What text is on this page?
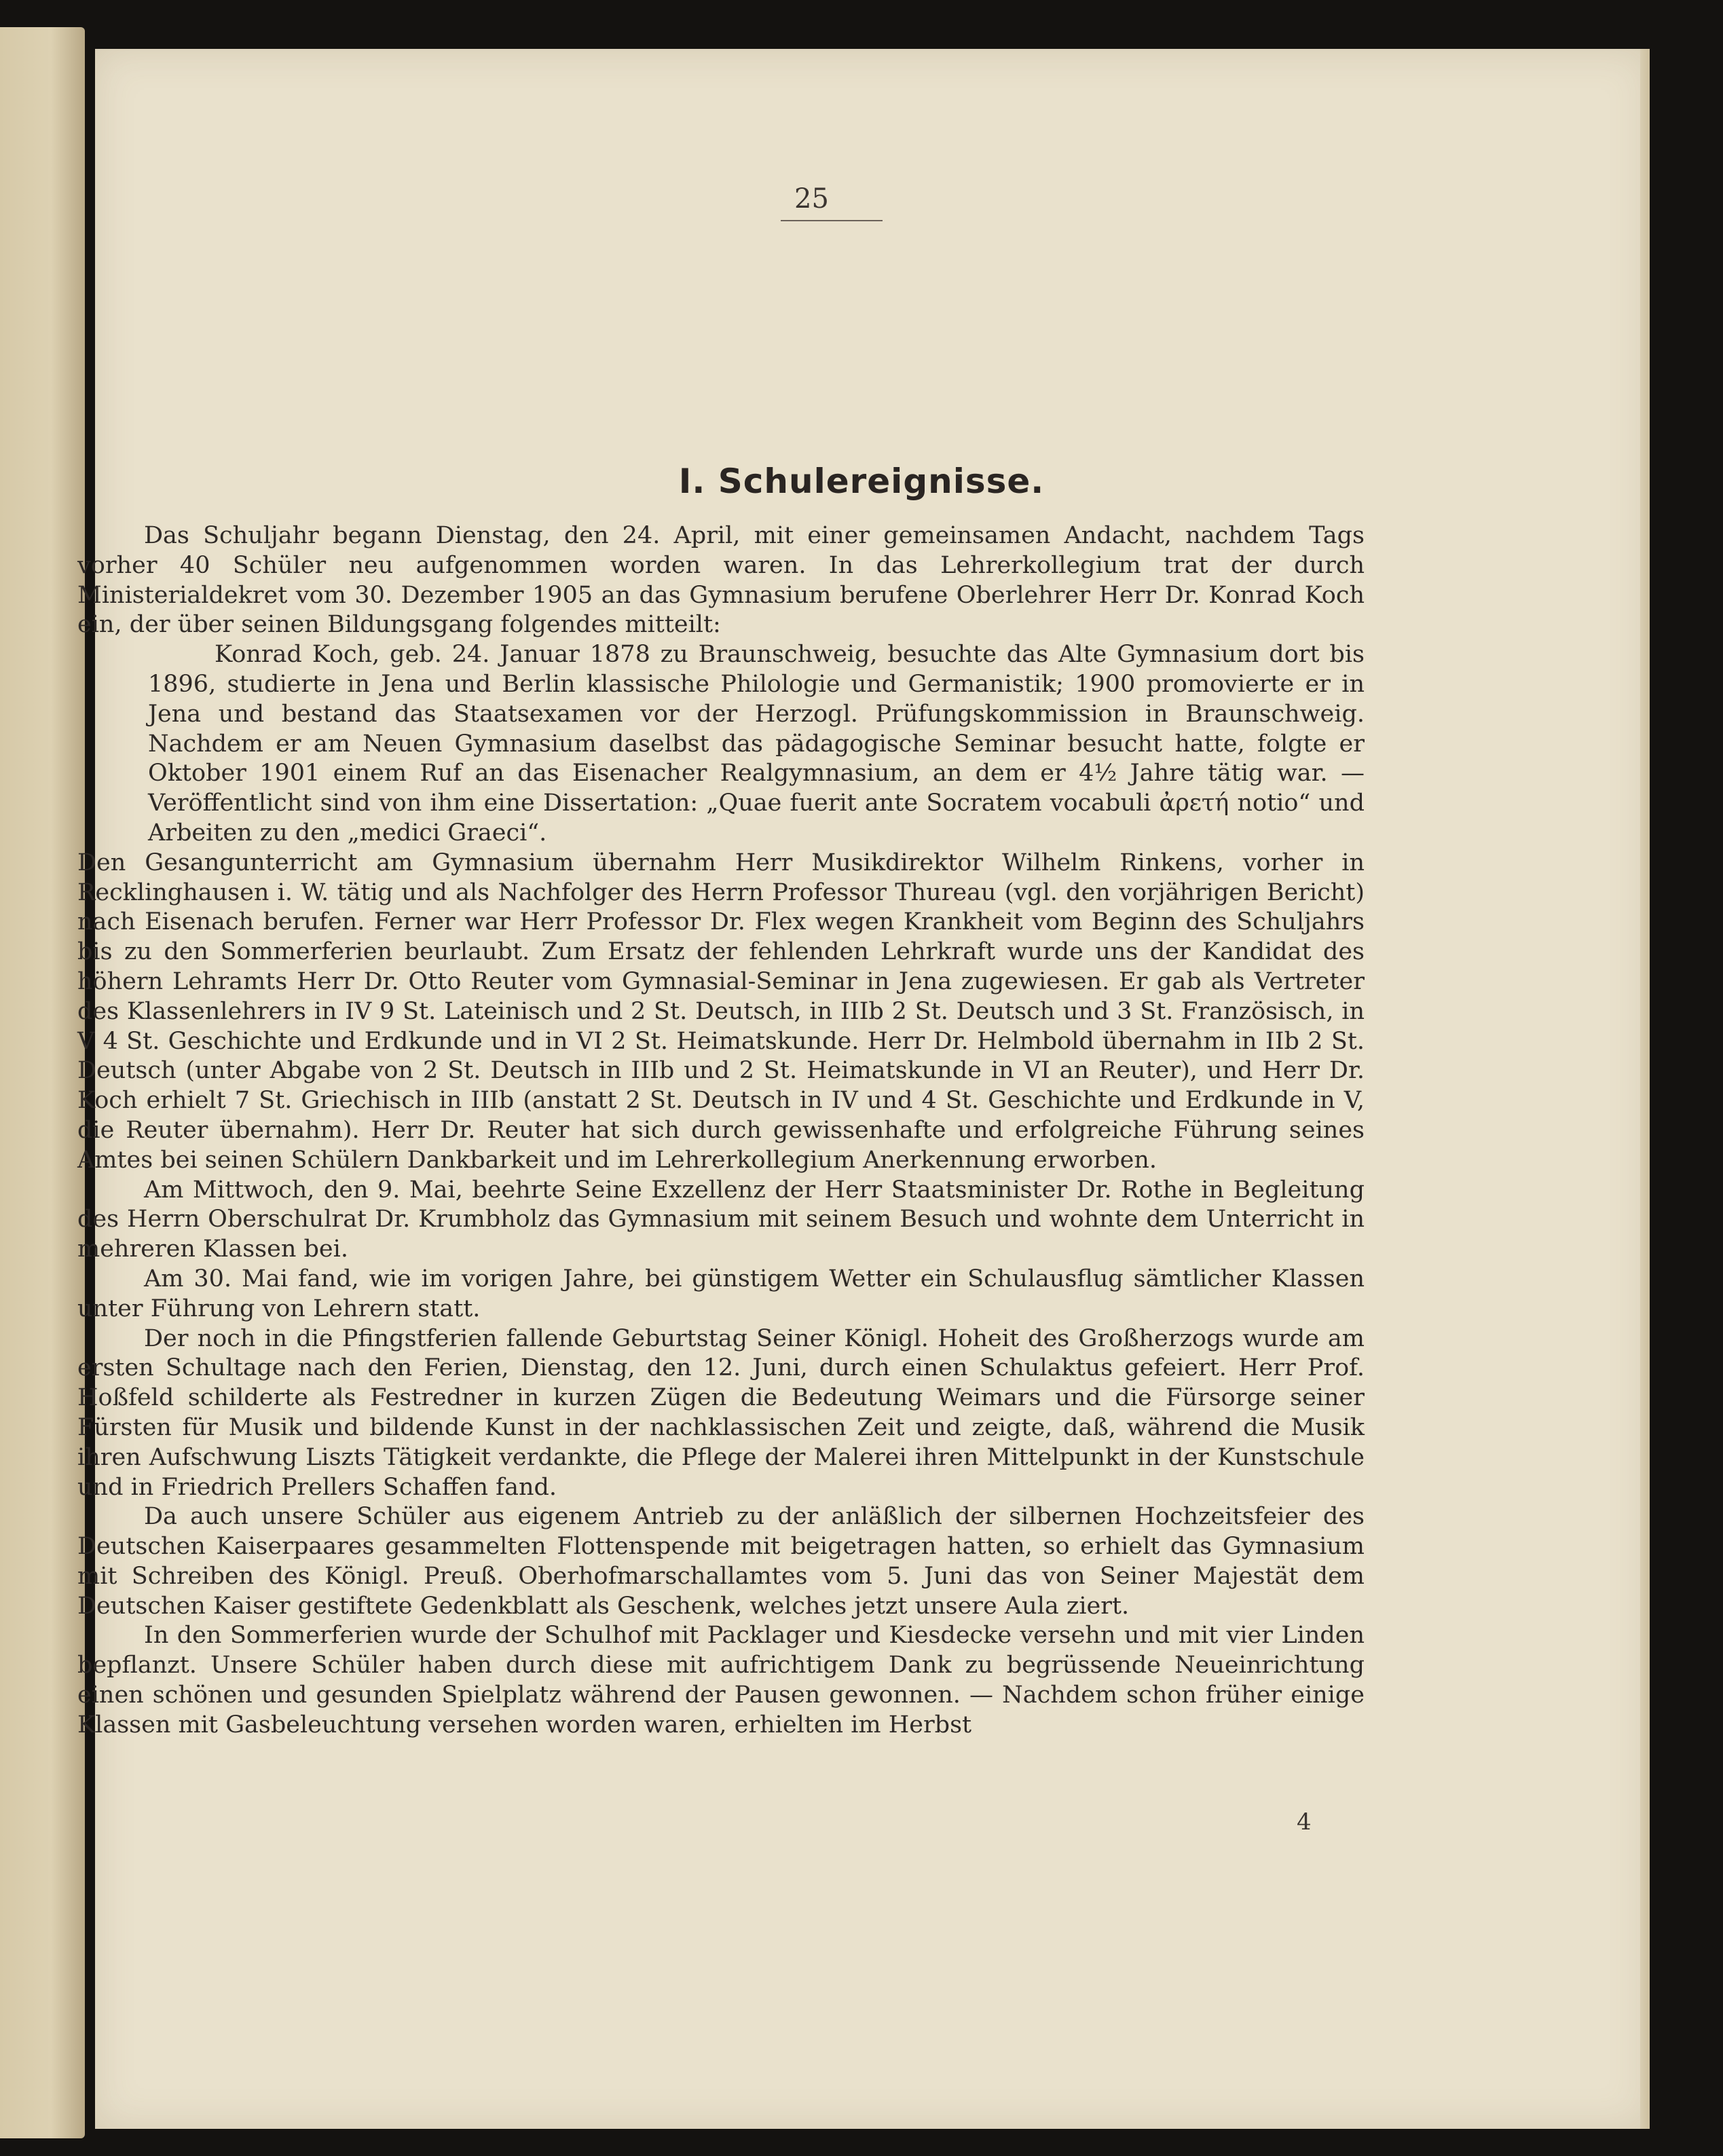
25
I. Schulereignisse.

Das Schuljahr begann Dienstag, den 24. April, mit einer gemeinsamen Andacht, nachdem Tags vorher 40 Schüler neu aufgenommen worden waren. In das Lehrerkollegium trat der durch Ministerialdekret vom 30. Dezember 1905 an das Gymnasium berufene Oberlehrer Herr Dr. Konrad Koch ein, der über seinen Bildungsgang folgendes mitteilt:

Konrad Koch, geb. 24. Januar 1878 zu Braunschweig, besuchte das Alte Gymnasium dort bis 1896, studierte in Jena und Berlin klassische Philologie und Germanistik; 1900 promovierte er in Jena und bestand das Staatsexamen vor der Herzogl. Prüfungskommission in Braunschweig. Nachdem er am Neuen Gymnasium daselbst das pädagogische Seminar besucht hatte, folgte er Oktober 1901 einem Ruf an das Eisenacher Realgymnasium, an dem er 4½ Jahre tätig war. — Veröffentlicht sind von ihm eine Dissertation: „Quae fuerit ante Socratem vocabuli ἀρετή notio“ und Arbeiten zu den „medici Graeci“.

Den Gesangunterricht am Gymnasium übernahm Herr Musikdirektor Wilhelm Rinkens, vorher in Recklinghausen i. W. tätig und als Nachfolger des Herrn Professor Thureau (vgl. den vorjährigen Bericht) nach Eisenach berufen. Ferner war Herr Professor Dr. Flex wegen Krankheit vom Beginn des Schuljahrs bis zu den Sommerferien beurlaubt. Zum Ersatz der fehlenden Lehrkraft wurde uns der Kandidat des höhern Lehramts Herr Dr. Otto Reuter vom Gymnasial-Seminar in Jena zugewiesen. Er gab als Vertreter des Klassenlehrers in IV 9 St. Lateinisch und 2 St. Deutsch, in IIIb 2 St. Deutsch und 3 St. Französisch, in V 4 St. Geschichte und Erdkunde und in VI 2 St. Heimatskunde. Herr Dr. Helmbold übernahm in IIb 2 St. Deutsch (unter Abgabe von 2 St. Deutsch in IIIb und 2 St. Heimatskunde in VI an Reuter), und Herr Dr. Koch erhielt 7 St. Griechisch in IIIb (anstatt 2 St. Deutsch in IV und 4 St. Geschichte und Erdkunde in V, die Reuter übernahm). Herr Dr. Reuter hat sich durch gewissenhafte und erfolgreiche Führung seines Amtes bei seinen Schülern Dankbarkeit und im Lehrerkollegium Anerkennung erworben.

Am Mittwoch, den 9. Mai, beehrte Seine Exzellenz der Herr Staatsminister Dr. Rothe in Begleitung des Herrn Oberschulrat Dr. Krumbholz das Gymnasium mit seinem Besuch und wohnte dem Unterricht in mehreren Klassen bei.

Am 30. Mai fand, wie im vorigen Jahre, bei günstigem Wetter ein Schulausflug sämtlicher Klassen unter Führung von Lehrern statt.

Der noch in die Pfingstferien fallende Geburtstag Seiner Königl. Hoheit des Großherzogs wurde am ersten Schultage nach den Ferien, Dienstag, den 12. Juni, durch einen Schulaktus gefeiert. Herr Prof. Hoßfeld schilderte als Festredner in kurzen Zügen die Bedeutung Weimars und die Fürsorge seiner Fürsten für Musik und bildende Kunst in der nachklassischen Zeit und zeigte, daß, während die Musik ihren Aufschwung Liszts Tätigkeit verdankte, die Pflege der Malerei ihren Mittelpunkt in der Kunstschule und in Friedrich Prellers Schaffen fand.

Da auch unsere Schüler aus eigenem Antrieb zu der anläßlich der silbernen Hochzeitsfeier des Deutschen Kaiserpaares gesammelten Flottenspende mit beigetragen hatten, so erhielt das Gymnasium mit Schreiben des Königl. Preuß. Oberhofmarschallamtes vom 5. Juni das von Seiner Majestät dem Deutschen Kaiser gestiftete Gedenkblatt als Geschenk, welches jetzt unsere Aula ziert.

In den Sommerferien wurde der Schulhof mit Packlager und Kiesdecke versehn und mit vier Linden bepflanzt. Unsere Schüler haben durch diese mit aufrichtigem Dank zu begrüssende Neueinrichtung einen schönen und gesunden Spielplatz während der Pausen gewonnen. — Nachdem schon früher einige Klassen mit Gasbeleuchtung versehen worden waren, erhielten im Herbst

4
